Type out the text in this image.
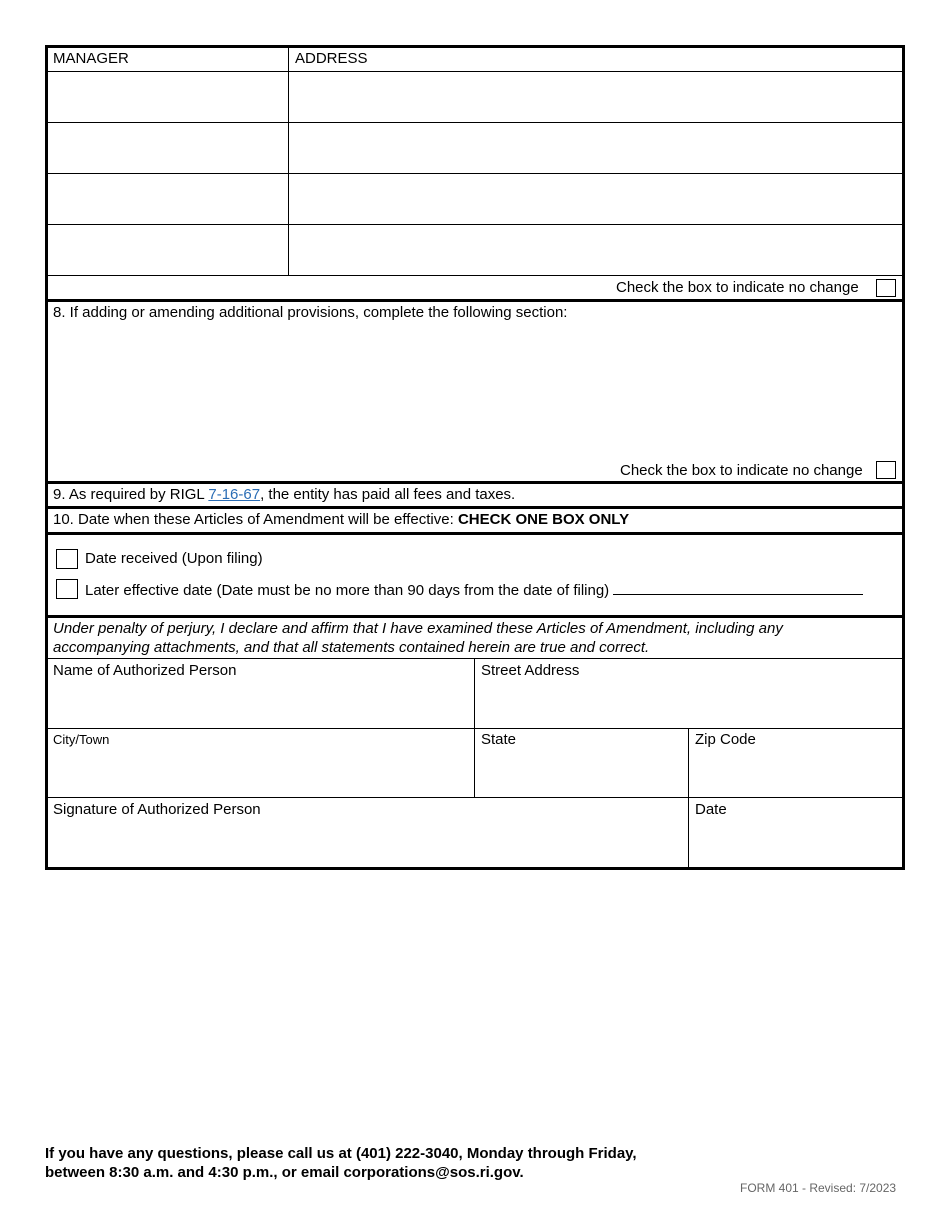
MANAGER	ADDRESS
Check the box to indicate no change
8. If adding or amending additional provisions, complete the following section:
Check the box to indicate no change
9. As required by RIGL 7-16-67, the entity has paid all fees and taxes.
10. Date when these Articles of Amendment will be effective: CHECK ONE BOX ONLY
Date received (Upon filing)
Later effective date (Date must be no more than 90 days from the date of filing)
Under penalty of perjury, I declare and affirm that I have examined these Articles of Amendment, including any accompanying attachments, and that all statements contained herein are true and correct.
Name of Authorized Person	Street Address
City/Town	State	Zip Code
Signature of Authorized Person	Date
If you have any questions, please call us at (401) 222-3040, Monday through Friday,
between 8:30 a.m. and 4:30 p.m., or email corporations@sos.ri.gov.
FORM 401 - Revised: 7/2023
